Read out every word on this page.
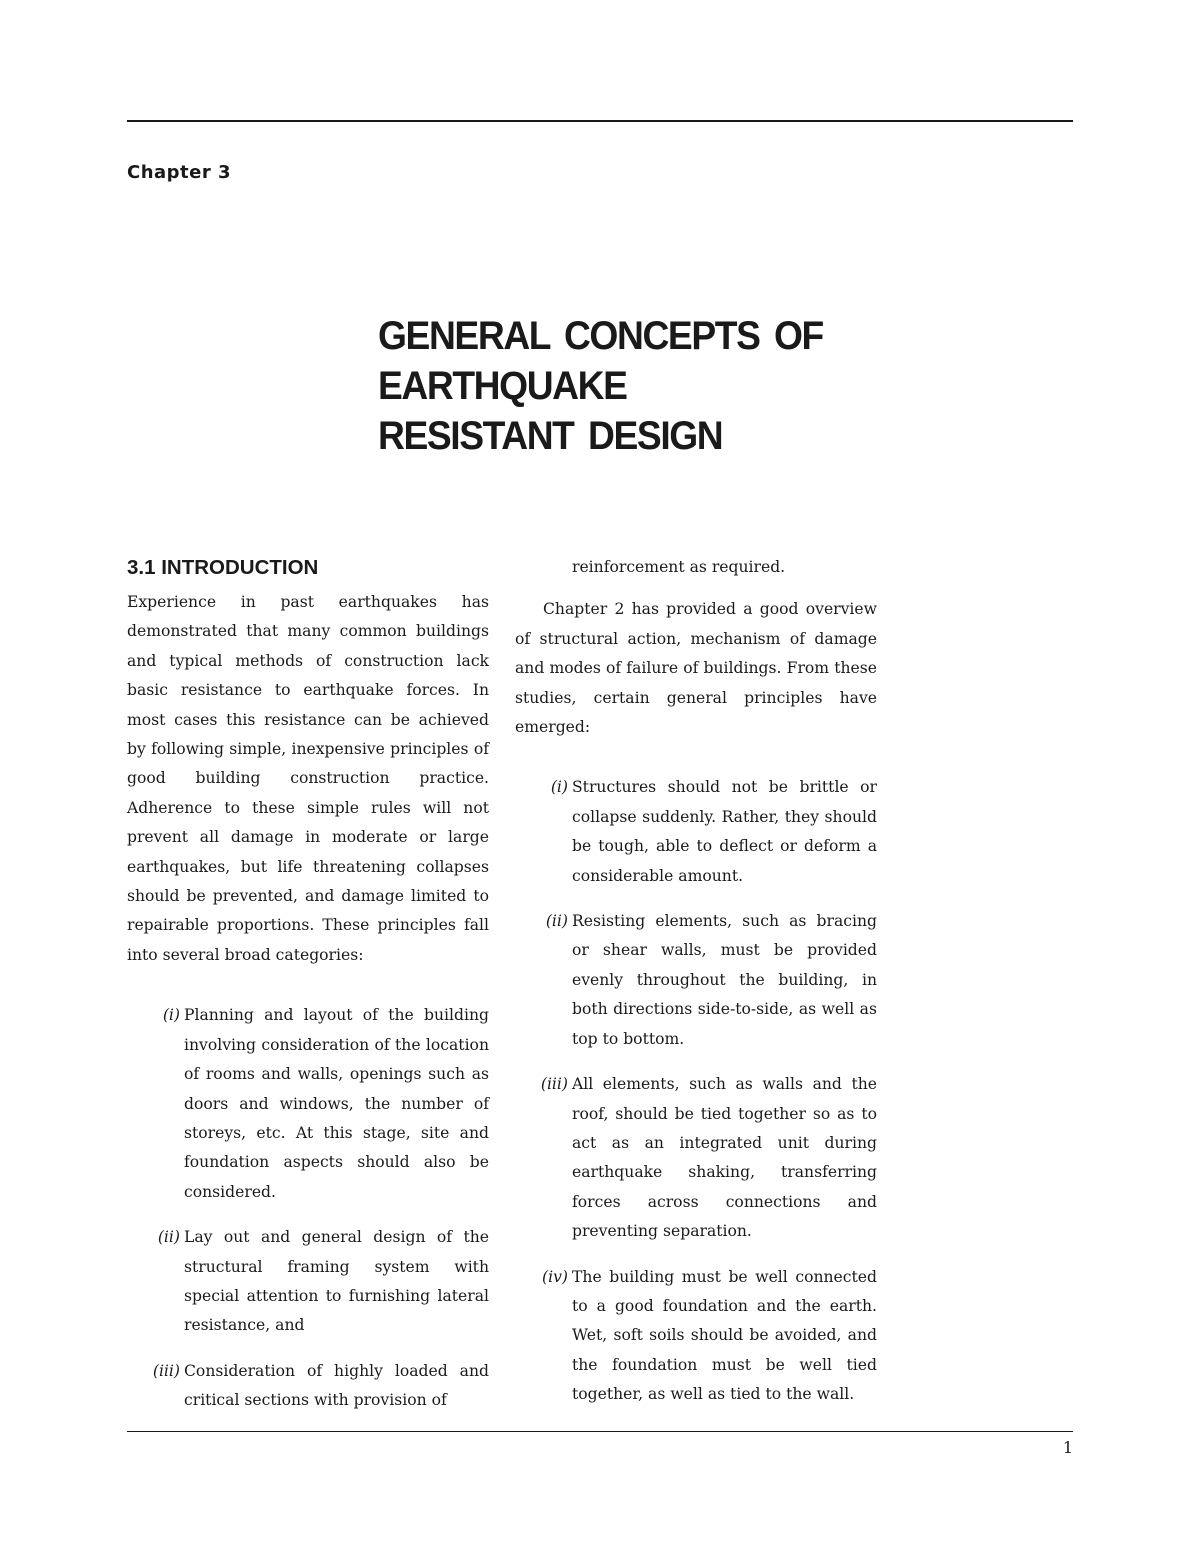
Chapter 3
GENERAL CONCEPTS OF EARTHQUAKE
RESISTANT DESIGN
3.1 INTRODUCTION

Experience in past earthquakes has demonstrated that many common buildings and typical methods of construction lack basic resistance to earthquake forces. In most cases this resistance can be achieved by following simple, inexpensive principles of good building construction practice. Adherence to these simple rules will not prevent all damage in moderate or large earthquakes, but life threatening collapses should be prevented, and damage limited to repairable proportions. These principles fall into several broad categories:

(i) Planning and layout of the building involving consideration of the location of rooms and walls, openings such as doors and windows, the number of storeys, etc. At this stage, site and foundation aspects should also be considered.
(ii) Lay out and general design of the structural framing system with special attention to furnishing lateral resistance, and
(iii) Consideration of highly loaded and critical sections with provision of

reinforcement as required.

Chapter 2 has provided a good overview of structural action, mechanism of damage and modes of failure of buildings. From these studies, certain general principles have emerged:

(i) Structures should not be brittle or collapse suddenly. Rather, they should be tough, able to deflect or deform a considerable amount.
(ii) Resisting elements, such as bracing or shear walls, must be provided evenly throughout the building, in both directions side-to-side, as well as top to bottom.
(iii) All elements, such as walls and the roof, should be tied together so as to act as an integrated unit during earthquake shaking, transferring forces across connections and preventing separation.
(iv) The building must be well connected to a good foundation and the earth. Wet, soft soils should be avoided, and the foundation must be well tied together, as well as tied to the wall.
1
